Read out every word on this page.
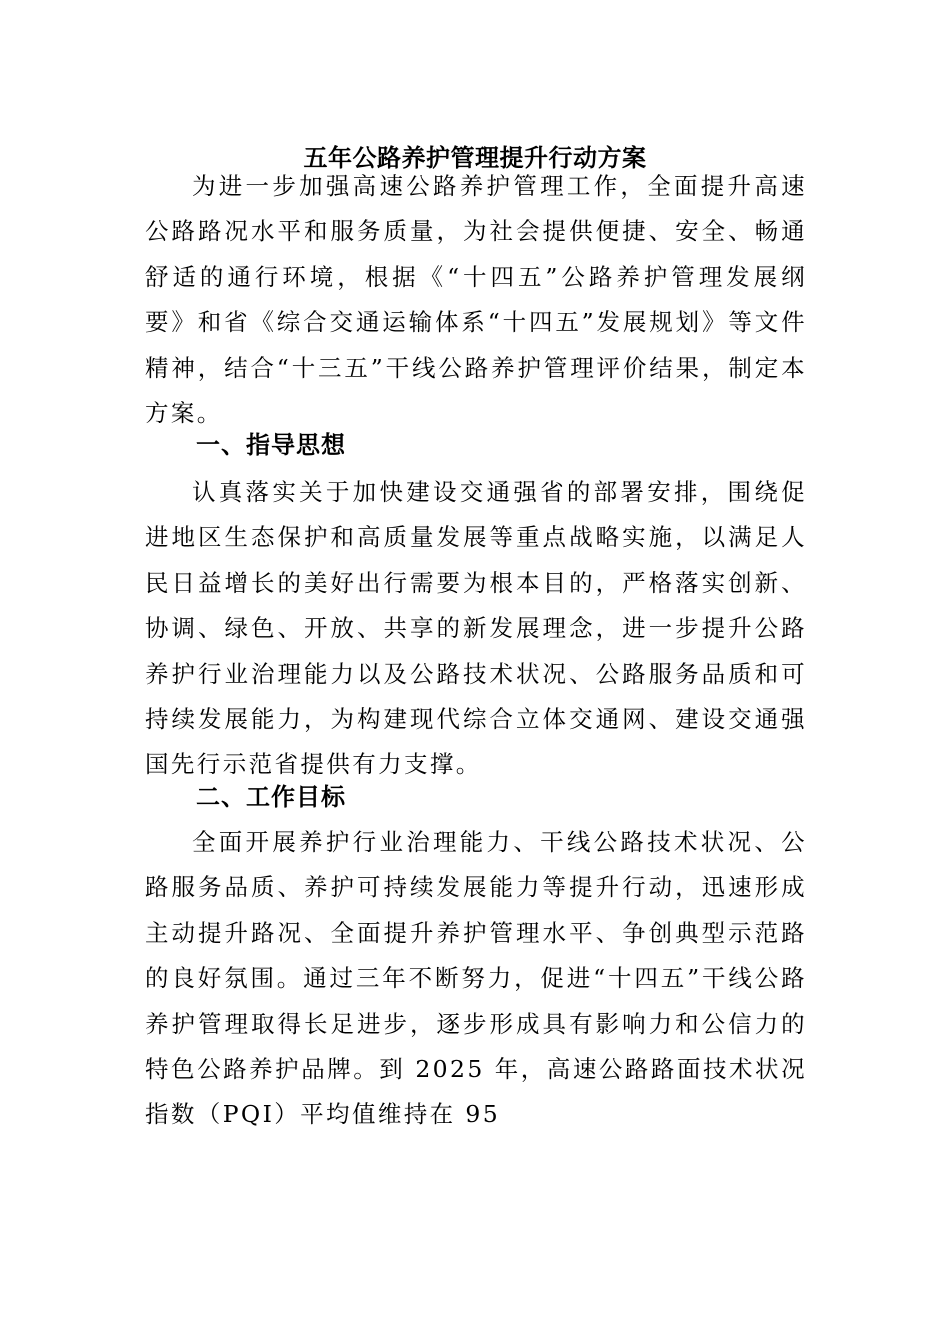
五年公路养护管理提升行动方案

为进一步加强高速公路养护管理工作，全面提升高速公路路况水平和服务质量，为社会提供便捷、安全、畅通舒适的通行环境，根据《“十四五”公路养护管理发展纲要》和省《综合交通运输体系“十四五”发展规划》等文件精神，结合“十三五”干线公路养护管理评价结果，制定本方案。

一、指导思想

认真落实关于加快建设交通强省的部署安排，围绕促进地区生态保护和高质量发展等重点战略实施，以满足人民日益增长的美好出行需要为根本目的，严格落实创新、协调、绿色、开放、共享的新发展理念，进一步提升公路养护行业治理能力以及公路技术状况、公路服务品质和可持续发展能力，为构建现代综合立体交通网、建设交通强国先行示范省提供有力支撑。

二、工作目标

全面开展养护行业治理能力、干线公路技术状况、公路服务品质、养护可持续发展能力等提升行动，迅速形成主动提升路况、全面提升养护管理水平、争创典型示范路的良好氛围。通过三年不断努力，促进“十四五”干线公路养护管理取得长足进步，逐步形成具有影响力和公信力的特色公路养护品牌。到 2025 年，高速公路路面技术状况指数（PQI）平均值维持在 95
